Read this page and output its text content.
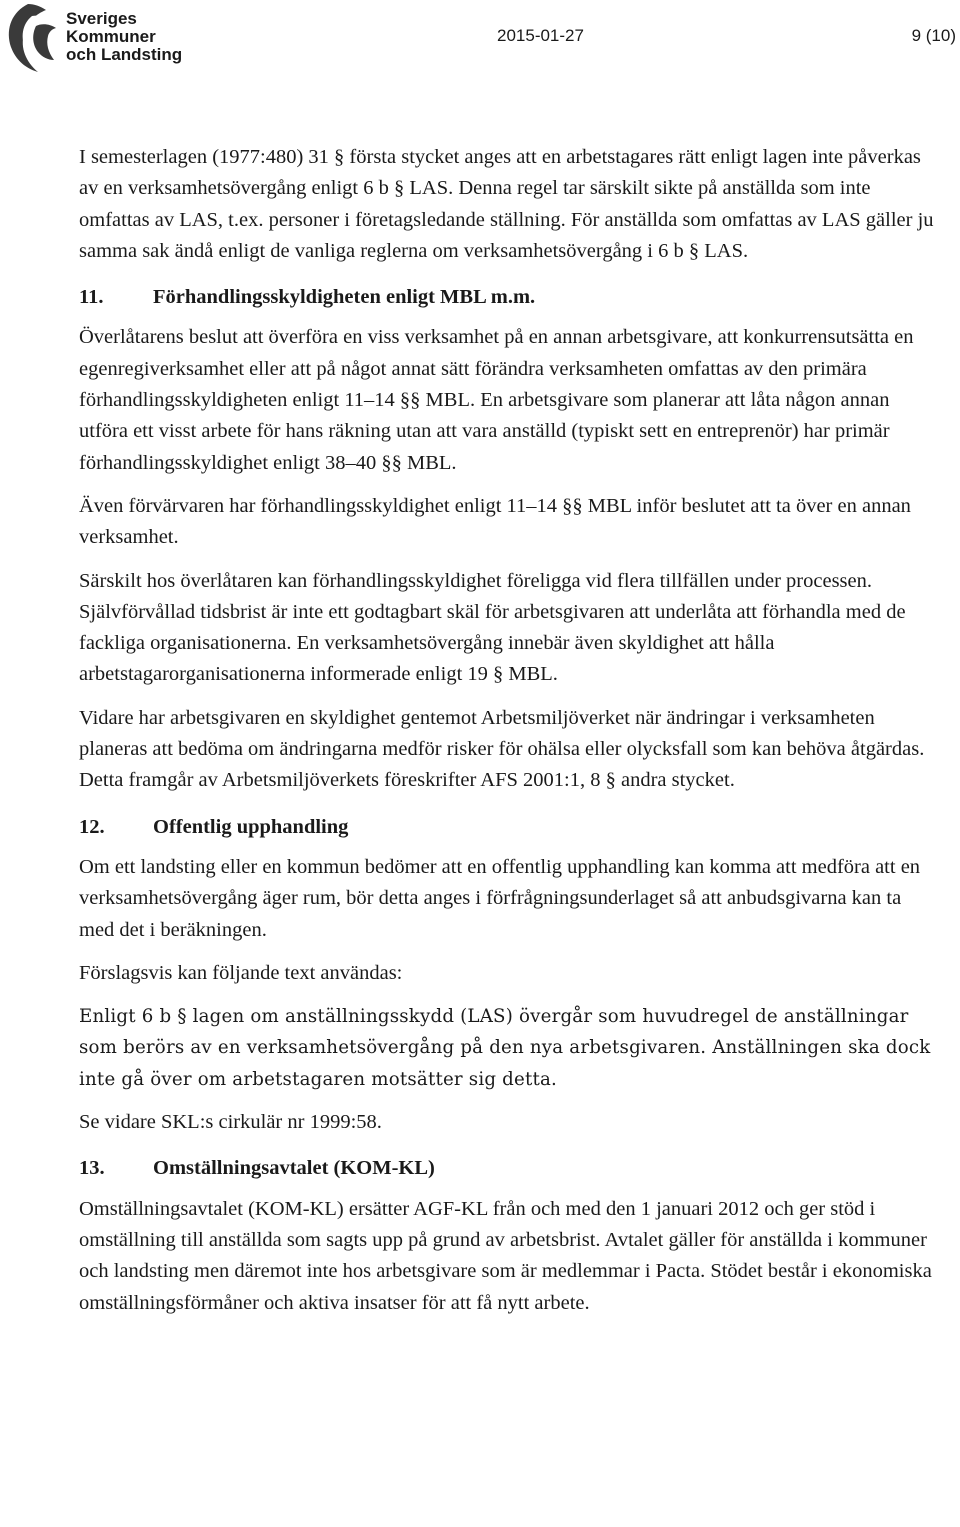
Sveriges
Kommuner
och Landsting
2015-01-27	9 (10)

I semesterlagen (1977:480) 31 § första stycket anges att en arbetstagares rätt enligt lagen inte påverkas av en verksamhetsövergång enligt 6 b § LAS. Denna regel tar särskilt sikte på anställda som inte omfattas av LAS, t.ex. personer i företagsledande ställning. För anställda som omfattas av LAS gäller ju samma sak ändå enligt de vanliga reglerna om verksamhetsövergång i 6 b § LAS.

11. Förhandlingsskyldigheten enligt MBL m.m.

Överlåtarens beslut att överföra en viss verksamhet på en annan arbetsgivare, att konkurrensutsätta en egenregiverksamhet eller att på något annat sätt förändra verksamheten omfattas av den primära förhandlingsskyldigheten enligt 11–14 §§ MBL. En arbetsgivare som planerar att låta någon annan utföra ett visst arbete för hans räkning utan att vara anställd (typiskt sett en entreprenör) har primär förhandlingsskyldighet enligt 38–40 §§ MBL.

Även förvärvaren har förhandlingsskyldighet enligt 11–14 §§ MBL inför beslutet att ta över en annan verksamhet.

Särskilt hos överlåtaren kan förhandlingsskyldighet föreligga vid flera tillfällen under processen. Självförvållad tidsbrist är inte ett godtagbart skäl för arbetsgivaren att underlåta att förhandla med de fackliga organisationerna. En verksamhetsövergång innebär även skyldighet att hålla arbetstagarorganisationerna informerade enligt 19 § MBL.

Vidare har arbetsgivaren en skyldighet gentemot Arbetsmiljöverket när ändringar i verksamheten planeras att bedöma om ändringarna medför risker för ohälsa eller olycksfall som kan behöva åtgärdas. Detta framgår av Arbetsmiljöverkets föreskrifter AFS 2001:1, 8 § andra stycket.

12. Offentlig upphandling

Om ett landsting eller en kommun bedömer att en offentlig upphandling kan komma att medföra att en verksamhetsövergång äger rum, bör detta anges i förfrågningsunderlaget så att anbudsgivarna kan ta med det i beräkningen.

Förslagsvis kan följande text användas:

Enligt 6 b § lagen om anställningsskydd (LAS) övergår som huvudregel de anställningar som berörs av en verksamhetsövergång på den nya arbetsgivaren. Anställningen ska dock inte gå över om arbetstagaren motsätter sig detta.

Se vidare SKL:s cirkulär nr 1999:58.

13. Omställningsavtalet (KOM-KL)

Omställningsavtalet (KOM-KL) ersätter AGF-KL från och med den 1 januari 2012 och ger stöd i omställning till anställda som sagts upp på grund av arbetsbrist. Avtalet gäller för anställda i kommuner och landsting men däremot inte hos arbetsgivare som är medlemmar i Pacta. Stödet består i ekonomiska omställningsförmåner och aktiva insatser för att få nytt arbete.
